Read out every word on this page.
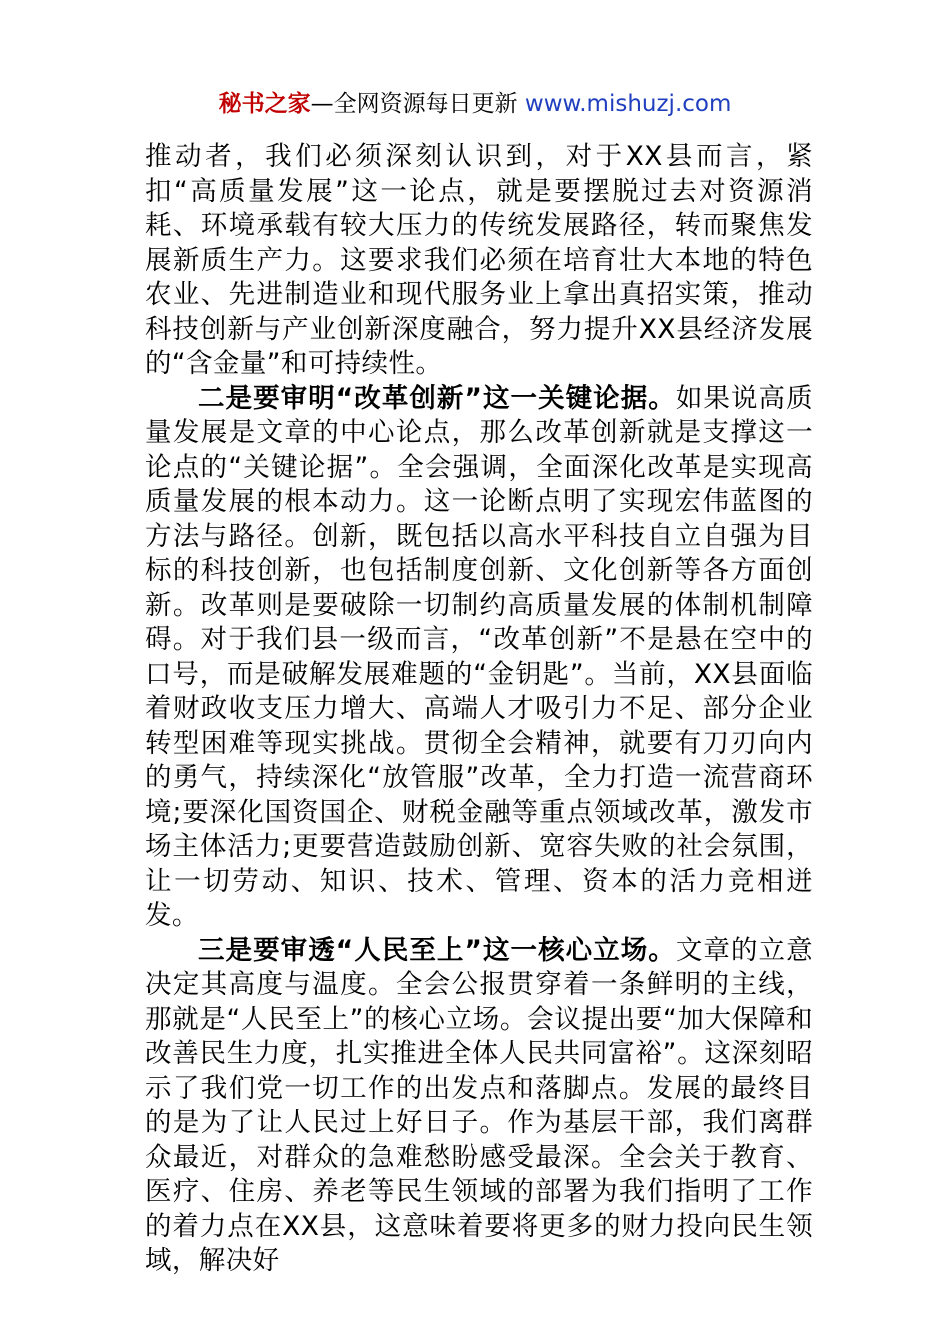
秘书之家—全网资源每日更新 www.mishuzj.com

推动者，我们必须深刻认识到，对于XX县而言，紧扣“高质量发展”这一论点，就是要摆脱过去对资源消耗、环境承载有较大压力的传统发展路径，转而聚焦发展新质生产力。这要求我们必须在培育壮大本地的特色农业、先进制造业和现代服务业上拿出真招实策，推动科技创新与产业创新深度融合，努力提升XX县经济发展的“含金量”和可持续性。

二是要审明“改革创新”这一关键论据。如果说高质量发展是文章的中心论点，那么改革创新就是支撑这一论点的“关键论据”。全会强调，全面深化改革是实现高质量发展的根本动力。这一论断点明了实现宏伟蓝图的方法与路径。创新，既包括以高水平科技自立自强为目标的科技创新，也包括制度创新、文化创新等各方面创新。改革则是要破除一切制约高质量发展的体制机制障碍。对于我们县一级而言，“改革创新”不是悬在空中的口号，而是破解发展难题的“金钥匙”。当前，XX县面临着财政收支压力增大、高端人才吸引力不足、部分企业转型困难等现实挑战。贯彻全会精神，就要有刀刃向内的勇气，持续深化“放管服”改革，全力打造一流营商环境;要深化国资国企、财税金融等重点领域改革，激发市场主体活力;更要营造鼓励创新、宽容失败的社会氛围，让一切劳动、知识、技术、管理、资本的活力竞相迸发。

三是要审透“人民至上”这一核心立场。文章的立意决定其高度与温度。全会公报贯穿着一条鲜明的主线，那就是“人民至上”的核心立场。会议提出要“加大保障和改善民生力度，扎实推进全体人民共同富裕”。这深刻昭示了我们党一切工作的出发点和落脚点。发展的最终目的是为了让人民过上好日子。作为基层干部，我们离群众最近，对群众的急难愁盼感受最深。全会关于教育、医疗、住房、养老等民生领域的部署为我们指明了工作的着力点在XX县，这意味着要将更多的财力投向民生领域，解决好
